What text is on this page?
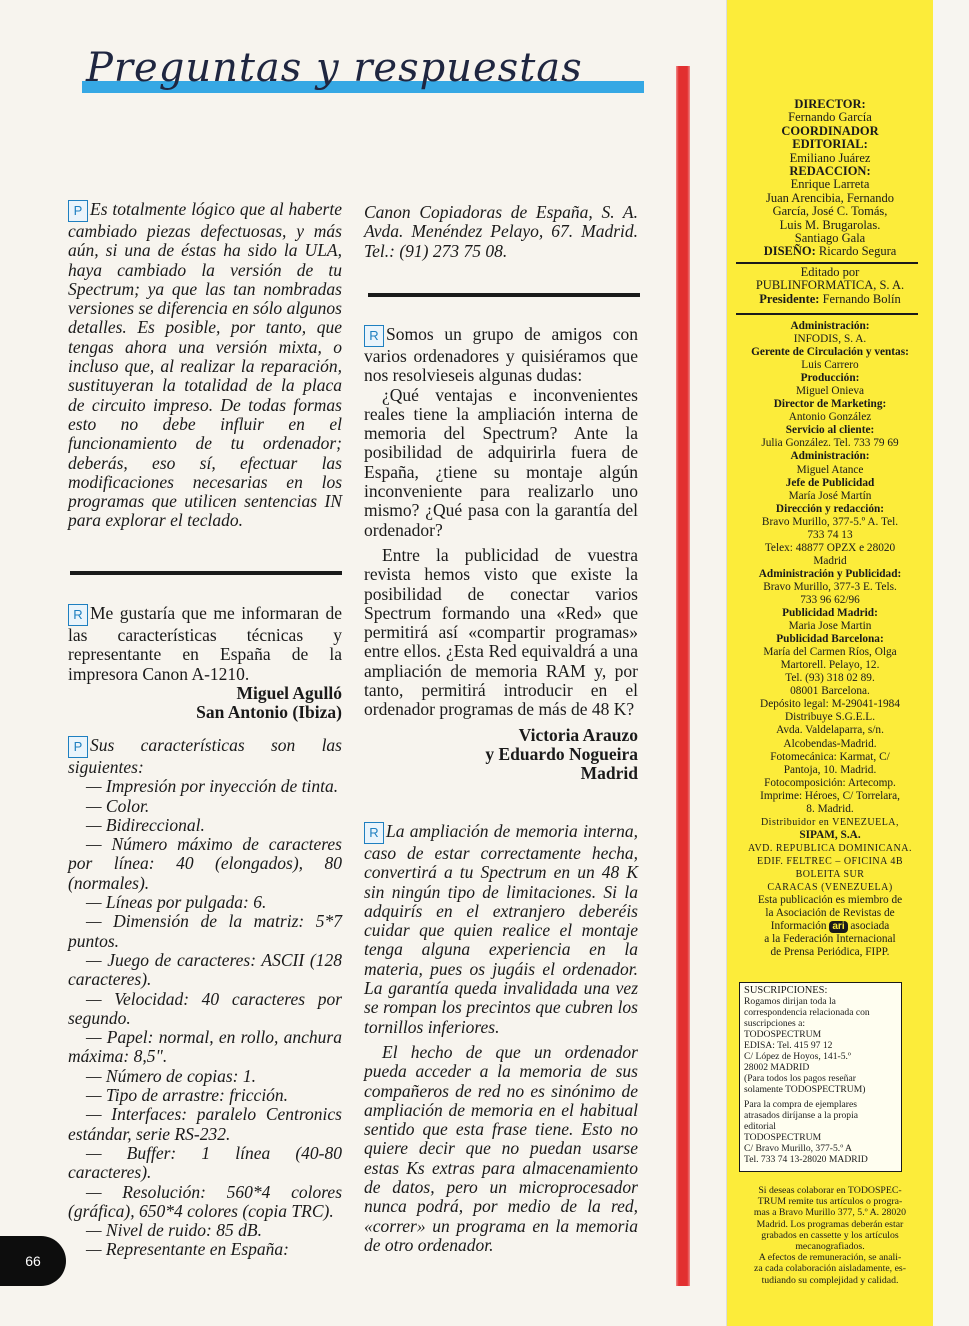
Preguntas y respuestas

P Es totalmente lógico que al haberte cambiado piezas defectuosas, y más aún, si una de éstas ha sido la ULA, haya cambiado la versión de tu Spectrum; ya que las tan nombradas versiones se diferencia en sólo algunos detalles. Es posible, por tanto, que tengas ahora una versión mixta, o incluso que, al realizar la reparación, sustituyeran la totalidad de la placa de circuito impreso. De todas formas esto no debe influir en el funcionamiento de tu ordenador; deberás, eso sí, efectuar las modificaciones necesarias en los programas que utilicen sentencias IN para explorar el teclado.

R Me gustaría que me informaran de las características técnicas y representante en España de la impresora Canon A-1210.

Miguel Agulló

San Antonio (Ibiza)

P Sus características son las siguientes:

— Impresión por inyección de tinta.

— Color.

— Bidireccional.

— Número máximo de caracteres por línea: 40 (elongados), 80 (normales).

— Líneas por pulgada: 6.

— Dimensión de la matriz: 5*7 puntos.

— Juego de caracteres: ASCII (128 caracteres).

— Velocidad: 40 caracteres por segundo.

— Papel: normal, en rollo, anchura máxima: 8,5".

— Número de copias: 1.

— Tipo de arrastre: fricción.

— Interfaces: paralelo Centronics estándar, serie RS-232.

— Buffer: 1 línea (40-80 caracteres).

— Resolución: 560*4 colores (gráfica), 650*4 colores (copia TRC).

— Nivel de ruido: 85 dB.

— Representante en España:

Canon Copiadoras de España, S. A. Avda. Menéndez Pelayo, 67. Madrid. Tel.: (91) 273 75 08.

R Somos un grupo de amigos con varios ordenadores y quisiéramos que nos resolvieseis algunas dudas:

¿Qué ventajas e inconvenientes reales tiene la ampliación interna de memoria del Spectrum? Ante la posibilidad de adquirirla fuera de España, ¿tiene su montaje algún inconveniente para realizarlo uno mismo? ¿Qué pasa con la garantía del ordenador?

Entre la publicidad de vuestra revista hemos visto que existe la posibilidad de conectar varios Spectrum formando una «Red» que permitirá así «compartir programas» entre ellos. ¿Esta Red equivaldrá a una ampliación de memoria RAM y, por tanto, permitirá introducir en el ordenador programas de más de 48 K?

Victoria Arauzo

y Eduardo Nogueira

Madrid

R La ampliación de memoria interna, caso de estar correctamente hecha, convertirá a tu Spectrum en un 48 K sin ningún tipo de limitaciones. Si la adquirís en el extranjero deberéis cuidar que quien realice el montaje tenga alguna experiencia en la materia, pues os jugáis el ordenador. La garantía queda invalidada una vez se rompan los precintos que cubren los tornillos inferiores.

El hecho de que un ordenador pueda acceder a la memoria de sus compañeros de red no es sinónimo de ampliación de memoria en el habitual sentido que esta frase tiene. Esto no quiere decir que no puedan usarse estas Ks extras para almacenamiento de datos, pero un microprocesador nunca podrá, por medio de la red, «correr» un programa en la memoria de otro ordenador.

66

DIRECTOR:

Fernando García

COORDINADOR

EDITORIAL:

Emiliano Juárez

REDACCION:

Enrique Larreta

Juan Arencibia, Fernando

García, José C. Tomás,

Luis M. Brugarolas.

Santiago Gala

DISEÑO: Ricardo Segura

Editado por

PUBLINFORMATICA, S. A.

Presidente: Fernando Bolín

Administración:

INFODIS, S. A.

Gerente de Circulación y ventas:

Luis Carrero

Producción:

Miguel Onieva

Director de Marketing:

Antonio González

Servicio al cliente:

Julia González. Tel. 733 79 69

Administración:

Miguel Atance

Jefe de Publicidad

María José Martín

Dirección y redacción:

Bravo Murillo, 377-5.º A. Tel.

733 74 13

Telex: 48877 OPZX e 28020

Madrid

Administración y Publicidad:

Bravo Murillo, 377-3 E. Tels.

733 96 62/96

Publicidad Madrid:

Maria Jose Martin

Publicidad Barcelona:

María del Carmen Ríos, Olga

Martorell. Pelayo, 12.

Tel. (93) 318 02 89.

08001 Barcelona.

Depósito legal: M-29041-1984

Distribuye S.G.E.L.

Avda. Valdelaparra, s/n.

Alcobendas-Madrid.

Fotomecánica: Karmat, C/

Pantoja, 10. Madrid.

Fotocomposición: Artecomp.

Imprime: Héroes, C/ Torrelara,

8. Madrid.

Distribuidor en VENEZUELA,

SIPAM, S.A.

AVD. REPUBLICA DOMINICANA.

EDIF. FELTREC – OFICINA 4B

BOLEITA SUR

CARACAS (VENEZUELA)

Esta publicación es miembro de

la Asociación de Revistas de

Información ari asociada

a la Federación Internacional

de Prensa Periódica, FIPP.

SUSCRIPCIONES:

Rogamos dirijan toda la

correspondencia relacionada con

suscripciones a:

TODOSPECTRUM

EDISA: Tel. 415 97 12

C/ López de Hoyos, 141-5.º

28002 MADRID

(Para todos los pagos reseñar

solamente TODOSPECTRUM)

Para la compra de ejemplares

atrasados diríjanse a la propia

editorial

TODOSPECTRUM

C/ Bravo Murillo, 377-5.º A

Tel. 733 74 13-28020 MADRID

Si deseas colaborar en TODOSPEC-

TRUM remite tus artículos o progra-

mas a Bravo Murillo 377, 5.º A. 28020

Madrid. Los programas deberán estar

grabados en cassette y los artículos

mecanografiados.

A efectos de remuneración, se anali-

za cada colaboración aisladamente, es-

tudiando su complejidad y calidad.
